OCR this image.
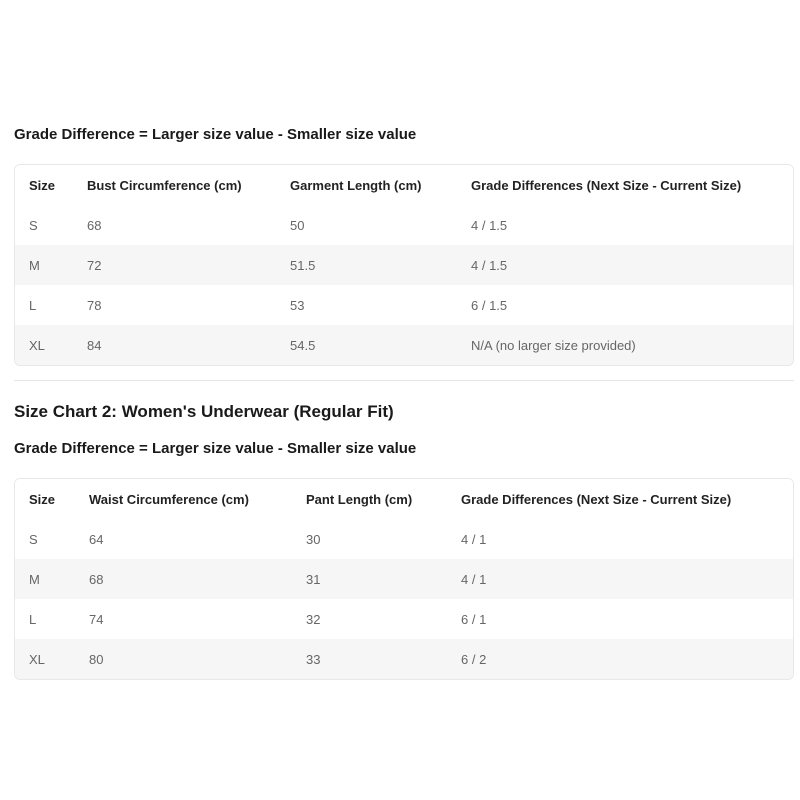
Grade Difference = Larger size value - Smaller size value

Size	Bust Circumference (cm)	Garment Length (cm)	Grade Differences (Next Size - Current Size)
S	68	50	4 / 1.5
M	72	51.5	4 / 1.5
L	78	53	6 / 1.5
XL	84	54.5	N/A (no larger size provided)

Size Chart 2: Women's Underwear (Regular Fit)

Grade Difference = Larger size value - Smaller size value

Size	Waist Circumference (cm)	Pant Length (cm)	Grade Differences (Next Size - Current Size)
S	64	30	4 / 1
M	68	31	4 / 1
L	74	32	6 / 1
XL	80	33	6 / 2
